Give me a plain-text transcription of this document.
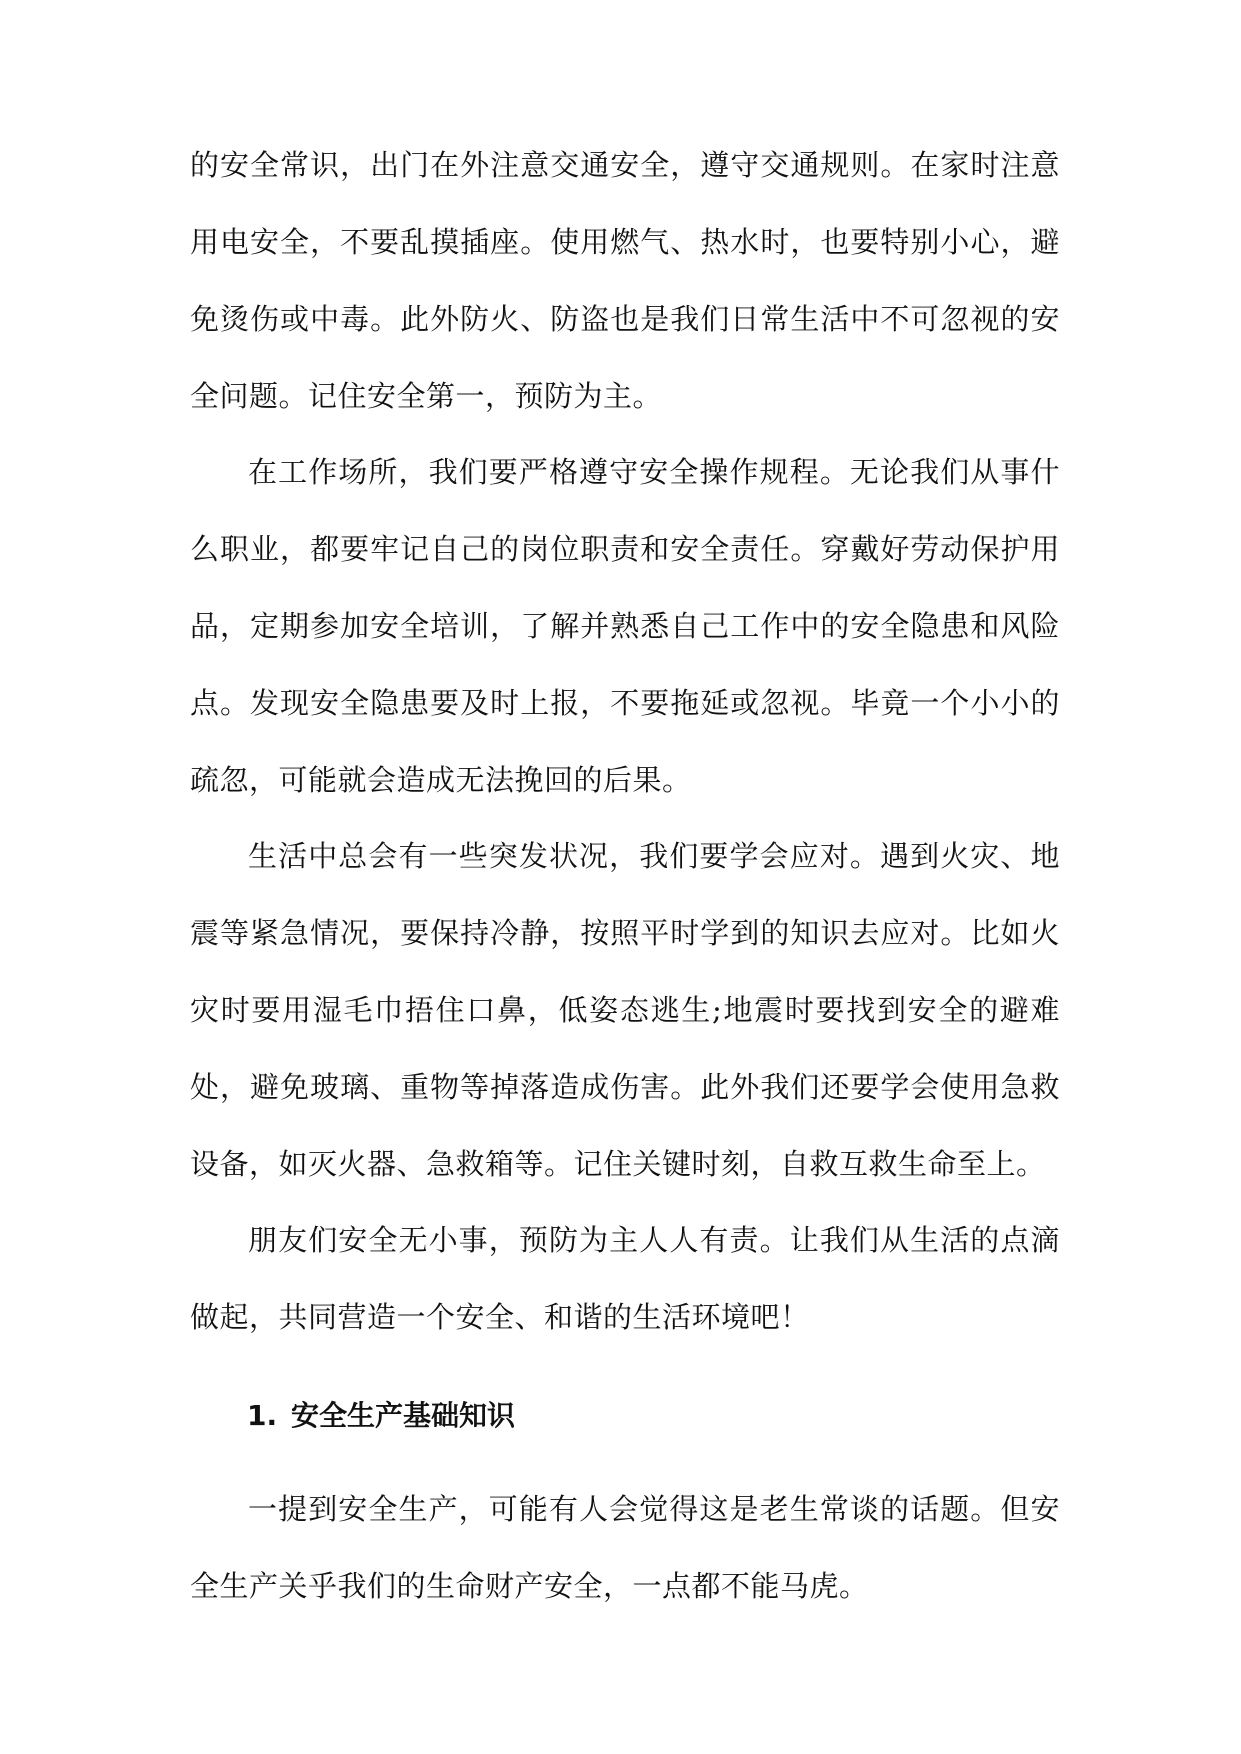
的安全常识，出门在外注意交通安全，遵守交通规则。在家时注意用电安全，不要乱摸插座。使用燃气、热水时，也要特别小心，避免烫伤或中毒。此外防火、防盗也是我们日常生活中不可忽视的安全问题。记住安全第一，预防为主。

在工作场所，我们要严格遵守安全操作规程。无论我们从事什么职业，都要牢记自己的岗位职责和安全责任。穿戴好劳动保护用品，定期参加安全培训，了解并熟悉自己工作中的安全隐患和风险点。发现安全隐患要及时上报，不要拖延或忽视。毕竟一个小小的疏忽，可能就会造成无法挽回的后果。

生活中总会有一些突发状况，我们要学会应对。遇到火灾、地震等紧急情况，要保持冷静，按照平时学到的知识去应对。比如火灾时要用湿毛巾捂住口鼻，低姿态逃生;地震时要找到安全的避难处，避免玻璃、重物等掉落造成伤害。此外我们还要学会使用急救设备，如灭火器、急救箱等。记住关键时刻，自救互救生命至上。

朋友们安全无小事，预防为主人人有责。让我们从生活的点滴做起，共同营造一个安全、和谐的生活环境吧！

1. 安全生产基础知识

一提到安全生产，可能有人会觉得这是老生常谈的话题。但安全生产关乎我们的生命财产安全，一点都不能马虎。
